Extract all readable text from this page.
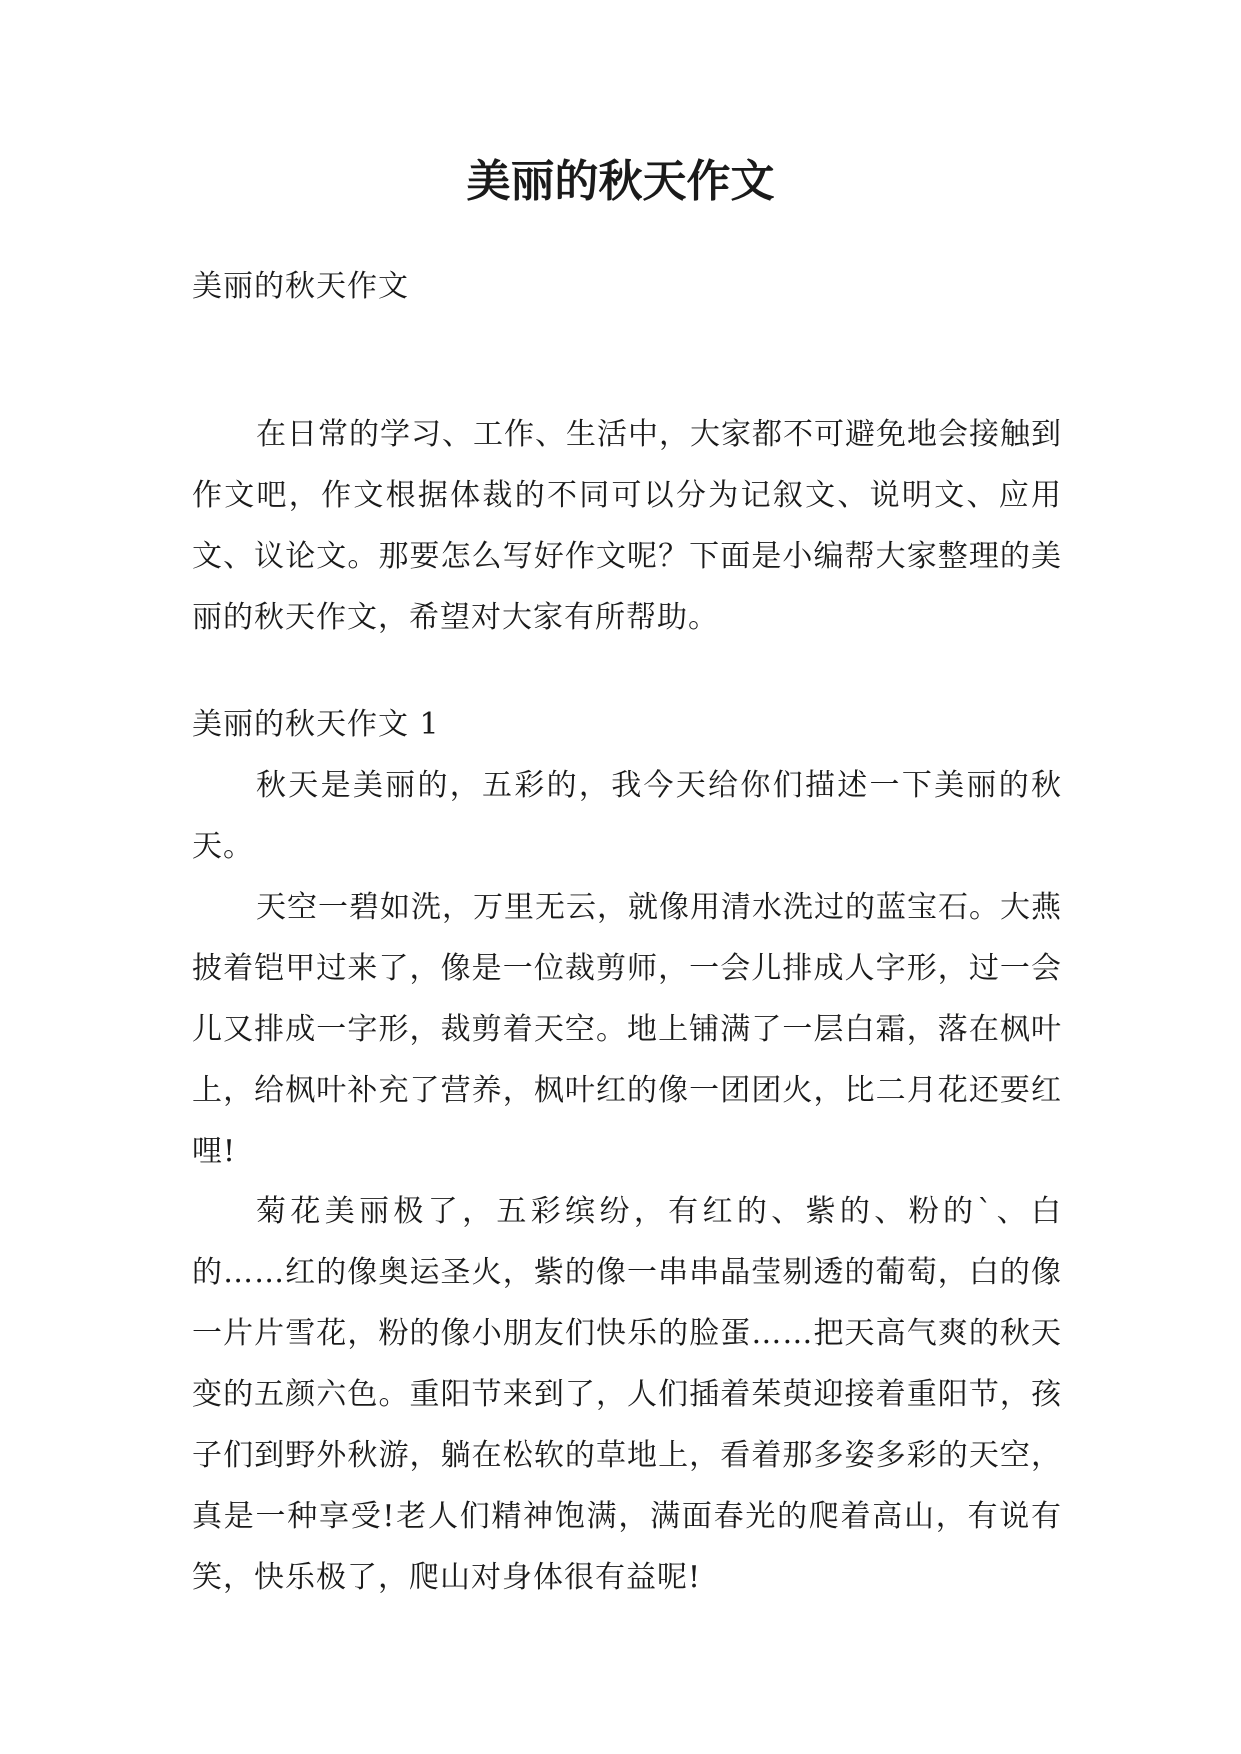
美丽的秋天作文

美丽的秋天作文

在日常的学习、工作、生活中，大家都不可避免地会接触到作文吧，作文根据体裁的不同可以分为记叙文、说明文、应用文、议论文。那要怎么写好作文呢？下面是小编帮大家整理的美丽的秋天作文，希望对大家有所帮助。

美丽的秋天作文 1

秋天是美丽的，五彩的，我今天给你们描述一下美丽的秋天。

天空一碧如洗，万里无云，就像用清水洗过的蓝宝石。大燕披着铠甲过来了，像是一位裁剪师，一会儿排成人字形，过一会儿又排成一字形，裁剪着天空。地上铺满了一层白霜，落在枫叶上，给枫叶补充了营养，枫叶红的像一团团火，比二月花还要红哩!

菊花美丽极了，五彩缤纷，有红的、紫的、粉的`、白的……红的像奥运圣火，紫的像一串串晶莹剔透的葡萄，白的像一片片雪花，粉的像小朋友们快乐的脸蛋……把天高气爽的秋天变的五颜六色。重阳节来到了，人们插着茱萸迎接着重阳节，孩子们到野外秋游，躺在松软的草地上，看着那多姿多彩的天空，真是一种享受!老人们精神饱满，满面春光的爬着高山，有说有笑，快乐极了，爬山对身体很有益呢!
